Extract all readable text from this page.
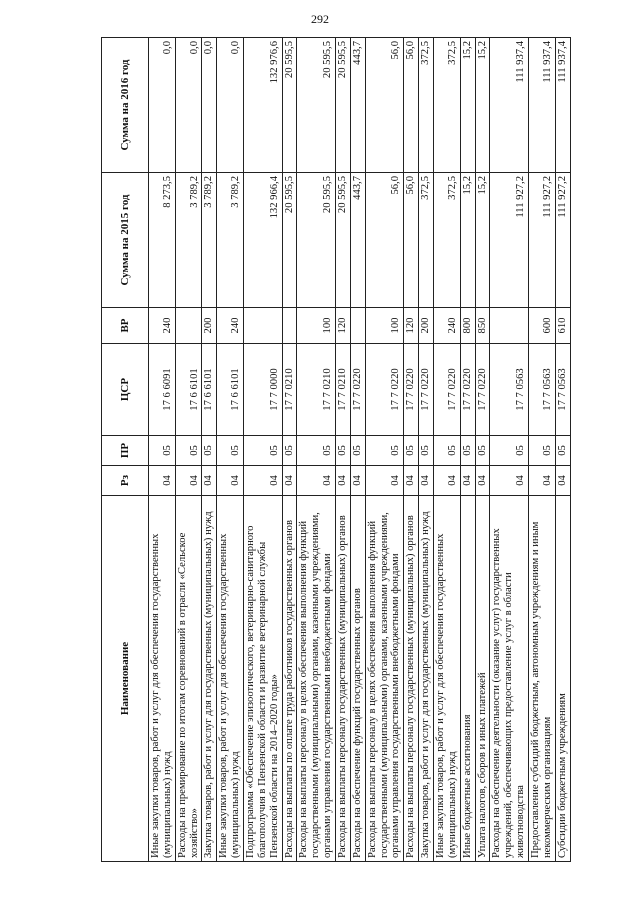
292
Наименование	Рз	ПР	ЦСР	ВР	Сумма на 2015 год	Сумма на 2016 год
Иные закупки товаров, работ и услуг для обеспечения государственных (муниципальных) нужд	04	05	17 6 6091	240	8 273,5	0,0
Расходы на премирование по итогам соревнований в отрасли «Сельское хозяйство»	04	05	17 6 6101		3 789,2	0,0
Закупка товаров, работ и услуг для государственных (муниципальных) нужд	04	05	17 6 6101	200	3 789,2	0,0
Иные закупки товаров, работ и услуг для обеспечения государственных (муниципальных) нужд	04	05	17 6 6101	240	3 789,2	0,0
Подпрограмма «Обеспечение эпизоотического, ветеринарно-санитарного благополучия в Пензенской области и развитие ветеринарной службы Пензенской области на 2014–2020 годы»	04	05	17 7 0000		132 966,4	132 976,6
Расходы на выплаты по оплате труда работников государственных органов	04	05	17 7 0210		20 595,5	20 595,5
Расходы на выплаты персоналу в целях обеспечения выполнения функций государственными (муниципальными) органами, казенными учреждениями, органами управления государственными внебюджетными фондами	04	05	17 7 0210	100	20 595,5	20 595,5
Расходы на выплаты персоналу государственных (муниципальных) органов	04	05	17 7 0210	120	20 595,5	20 595,5
Расходы на обеспечение функций государственных органов	04	05	17 7 0220		443,7	443,7
Расходы на выплаты персоналу в целях обеспечения выполнения функций государственными (муниципальными) органами, казенными учреждениями, органами управления государственными внебюджетными фондами	04	05	17 7 0220	100	56,0	56,0
Расходы на выплаты персоналу государственных (муниципальных) органов	04	05	17 7 0220	120	56,0	56,0
Закупка товаров, работ и услуг для государственных (муниципальных) нужд	04	05	17 7 0220	200	372,5	372,5
Иные закупки товаров, работ и услуг для обеспечения государственных (муниципальных) нужд	04	05	17 7 0220	240	372,5	372,5
Иные бюджетные ассигнования	04	05	17 7 0220	800	15,2	15,2
Уплата налогов, сборов и иных платежей	04	05	17 7 0220	850	15,2	15,2
Расходы на обеспечение деятельности (оказание услуг) государственных учреждений, обеспечивающих предоставление услуг в области животноводства	04	05	17 7 0563		111 927,2	111 937,4
Предоставление субсидий бюджетным, автономным учреждениям и иным некоммерческим организациям	04	05	17 7 0563	600	111 927,2	111 937,4
Субсидии бюджетным учреждениям	04	05	17 7 0563	610	111 927,2	111 937,4
